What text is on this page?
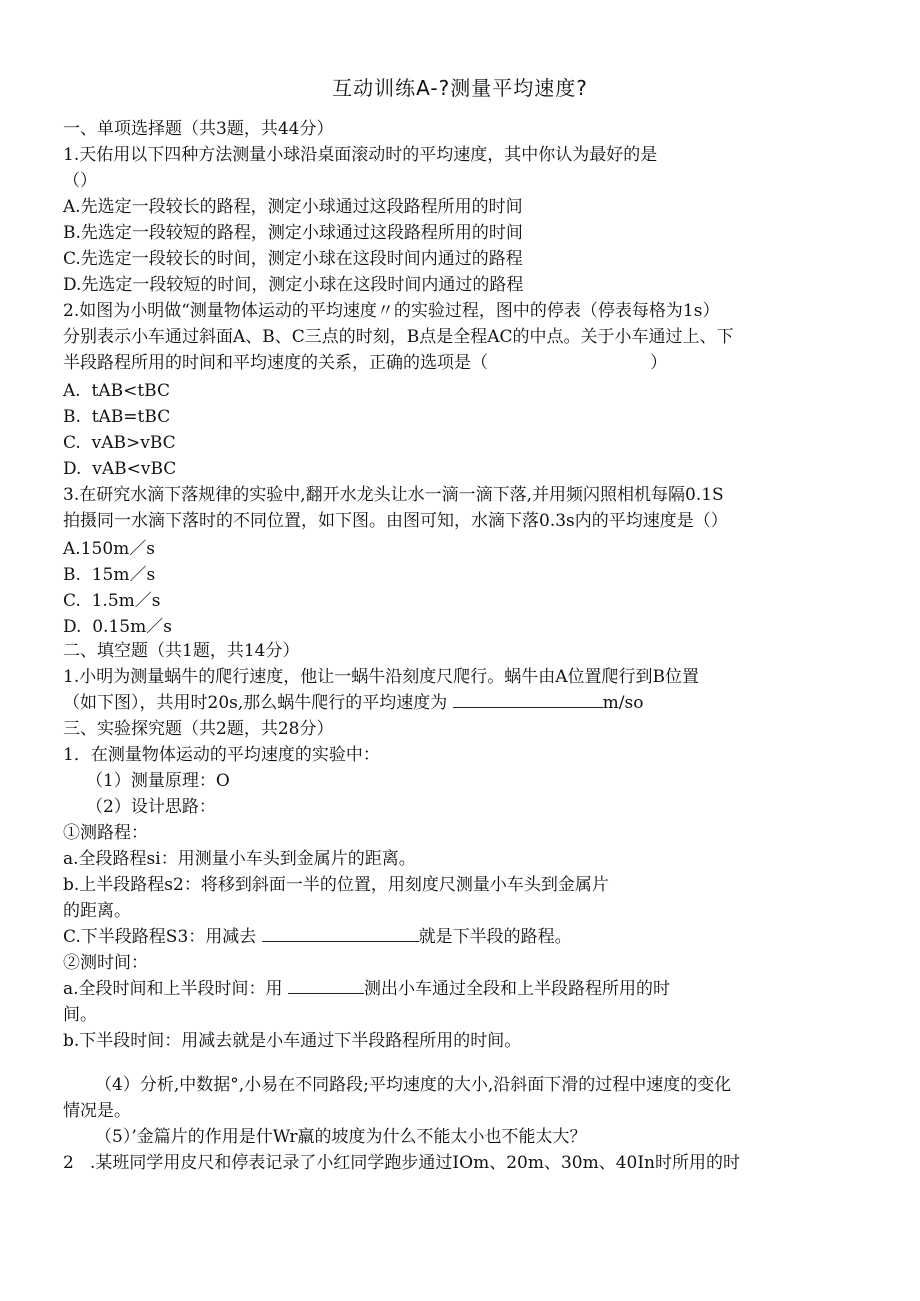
互动训练A-?测量平均速度?
一、单项选择题（共3题，共44分）
1.天佑用以下四种方法测量小球沿桌面滚动时的平均速度，其中你认为最好的是
（）
A.先选定一段较长的路程，测定小球通过这段路程所用的时间
B.先选定一段较短的路程，测定小球通过这段路程所用的时间
C.先选定一段较长的时间，测定小球在这段时间内通过的路程
D.先选定一段较短的时间，测定小球在这段时间内通过的路程
2.如图为小明做“测量物体运动的平均速度〃的实验过程，图中的停表（停表每格为1s）
分别表示小车通过斜面A、B、C三点的时刻，B点是全程AC的中点。关于小车通过上、下
半段路程所用的时间和平均速度的关系，正确的选项是（                              ）
A.  tAB<tBC
B.  tAB=tBC
C.  vAB>vBC
D.  vAB<vBC
3.在研究水滴下落规律的实验中,翻开水龙头让水一滴一滴下落,并用频闪照相机每隔0.1S
拍摄同一水滴下落时的不同位置，如下图。由图可知，水滴下落0.3s内的平均速度是（）
A.150m／s
B.  15m／s
C.  1.5m／s
D.  0.15m／s
二、填空题（共1题，共14分）
1.小明为测量蜗牛的爬行速度，他让一蜗牛沿刻度尺爬行。蜗牛由A位置爬行到B位置
（如下图），共用时20s,那么蜗牛爬行的平均速度为	m/so
三、实验探究题（共2题，共28分）
1．在测量物体运动的平均速度的实验中：
（1）测量原理：O
（2）设计思路：
①测路程：
a.全段路程si：用测量小车头到金属片的距离。
b.上半段路程s2：将移到斜面一半的位置，用刻度尺测量小车头到金属片
的距离。
C.下半段路程S3：用减去	就是下半段的路程。
②测时间：
a.全段时间和上半段时间：用	测出小车通过全段和上半段路程所用的时
间。
b.下半段时间：用减去就是小车通过下半段路程所用的时间。
（4）分析,中数据°,小易在不同路段;平均速度的大小,沿斜面下滑的过程中速度的变化
情况是。
（5）’金篇片的作用是什Wr羸的坡度为什么不能太小也不能太大？
2   .某班同学用皮尺和停表记录了小红同学跑步通过IOm、20m、30m、40In时所用的时
